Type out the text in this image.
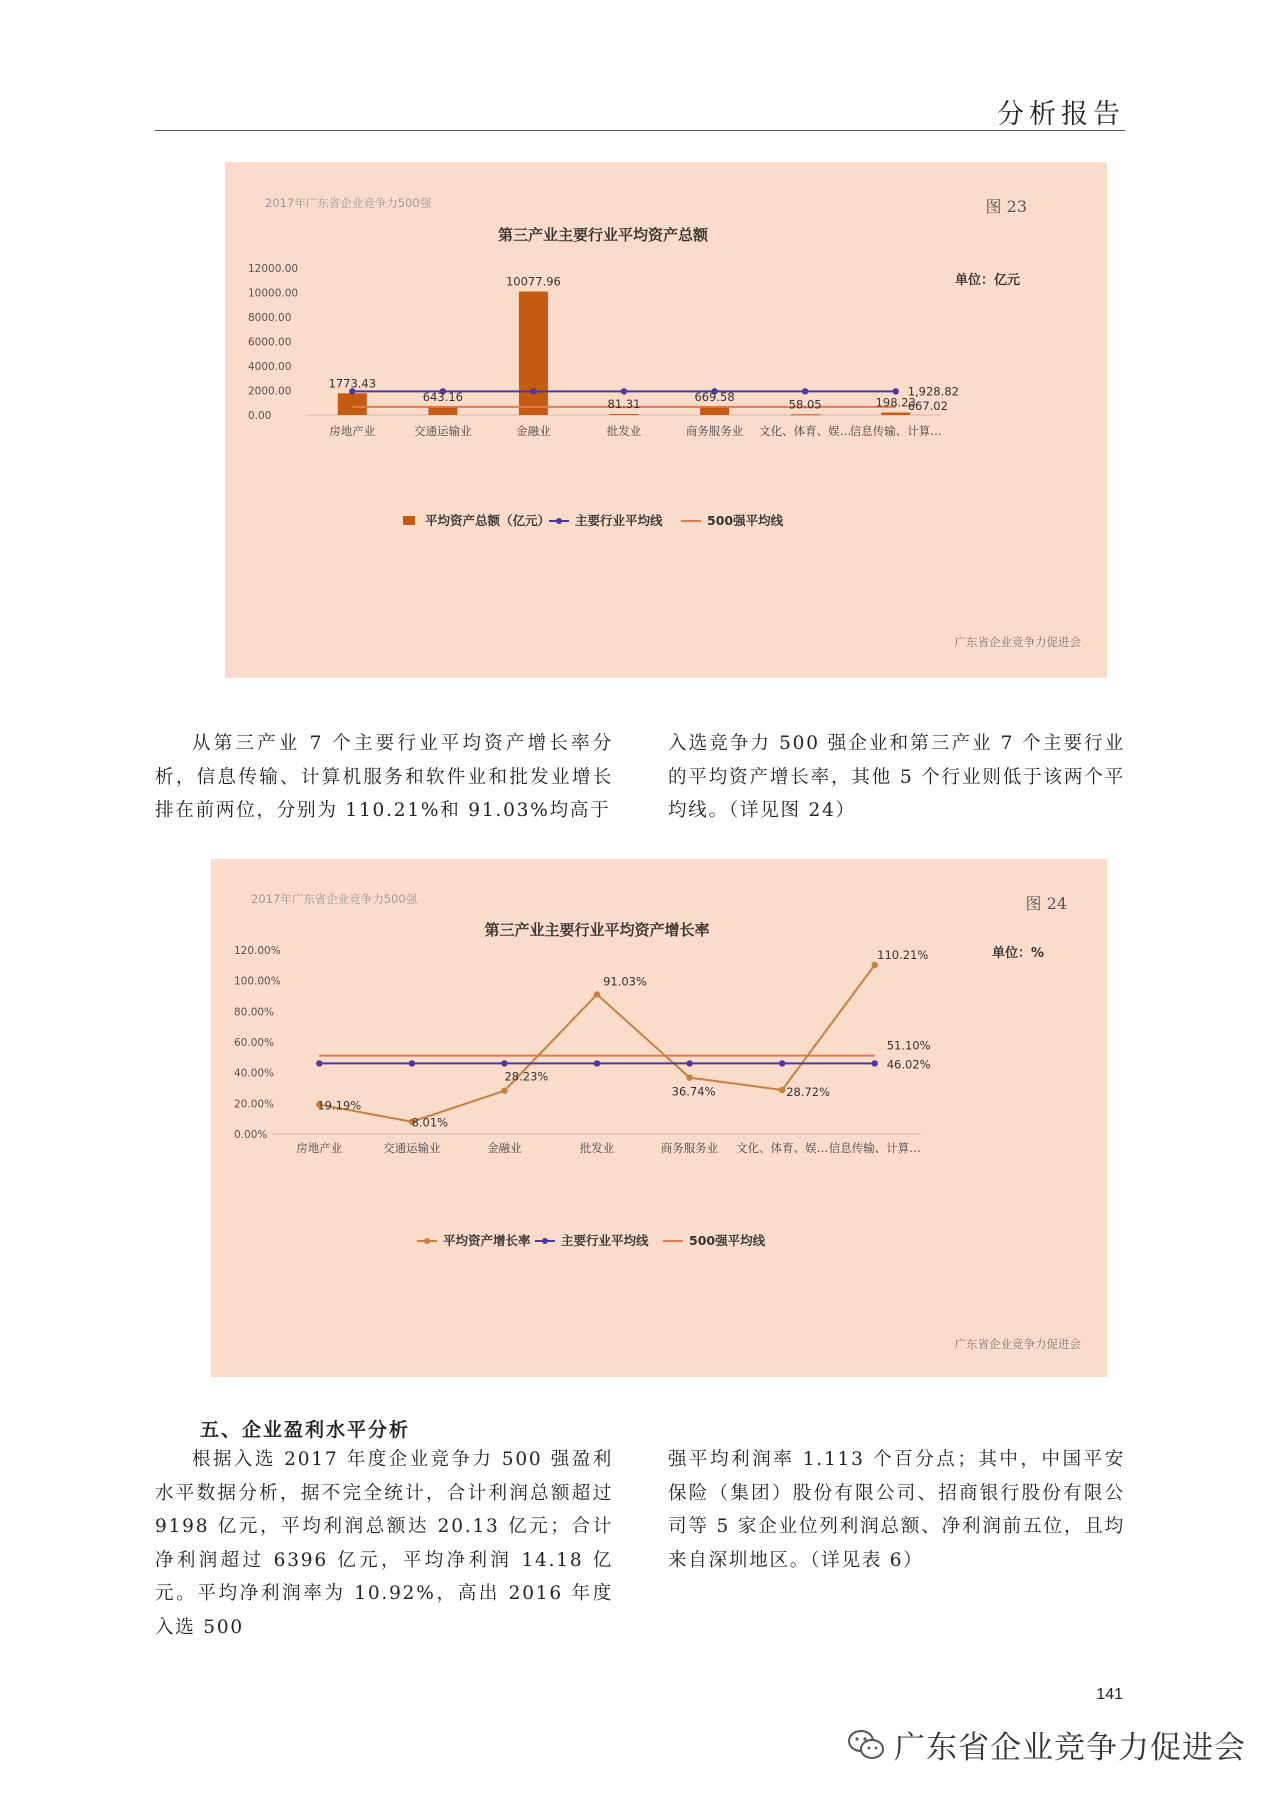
分析报告
2017年广东省企业竞争力500强	图 23
第三产业主要行业平均资产总额
单位：亿元
广东省企业竞争力促进会
0.00
2000.00
4000.00
6000.00
8000.00
10000.00
12000.00
房地产业	交通运输业	金融业	批发业	商务服务业 文化、体育、娱…
信息传输、计算…
1773.43
643.16
10077.96
81.31
669.58
58.05	198.23
1,928.82
667.02
平均资产总额（亿元） 主要行业平均线	500强平均线

从第三产业 7 个主要行业平均资产增长率分析，信息传输、计算机服务和软件业和批发业增长排在前两位，分别为 110.21%和 91.03%均高于

入选竞争力 500 强企业和第三产业 7 个主要行业的平均资产增长率，其他 5 个行业则低于该两个平均线。（详见图 24）

2017年广东省企业竞争力500强	图 24
第三产业主要行业平均资产增长率
单位：%
广东省企业竞争力促进会
0.00%
20.00%
40.00%
60.00%
80.00%
100.00%
120.00%
房地产业	交通运输业	金融业	批发业	商务服务业 文化、体育、娱… 信息传输、计算…
19.19%
8.01%
28.23%
91.03%
36.74%	28.72%
110.21%
46.02%
51.10%
平均资产增长率 主要行业平均线	500强平均线
五、企业盈利水平分析

根据入选 2017 年度企业竞争力 500 强盈利水平数据分析，据不完全统计，合计利润总额超过 9198 亿元，平均利润总额达 20.13 亿元；合计净利润超过 6396 亿元，平均净利润 14.18 亿元。平均净利润率为 10.92%，高出 2016 年度入选 500

强平均利润率 1.113 个百分点；其中，中国平安保险（集团）股份有限公司、招商银行股份有限公司等 5 家企业位列利润总额、净利润前五位，且均来自深圳地区。（详见表 6）

141
广东省企业竞争力促进会
